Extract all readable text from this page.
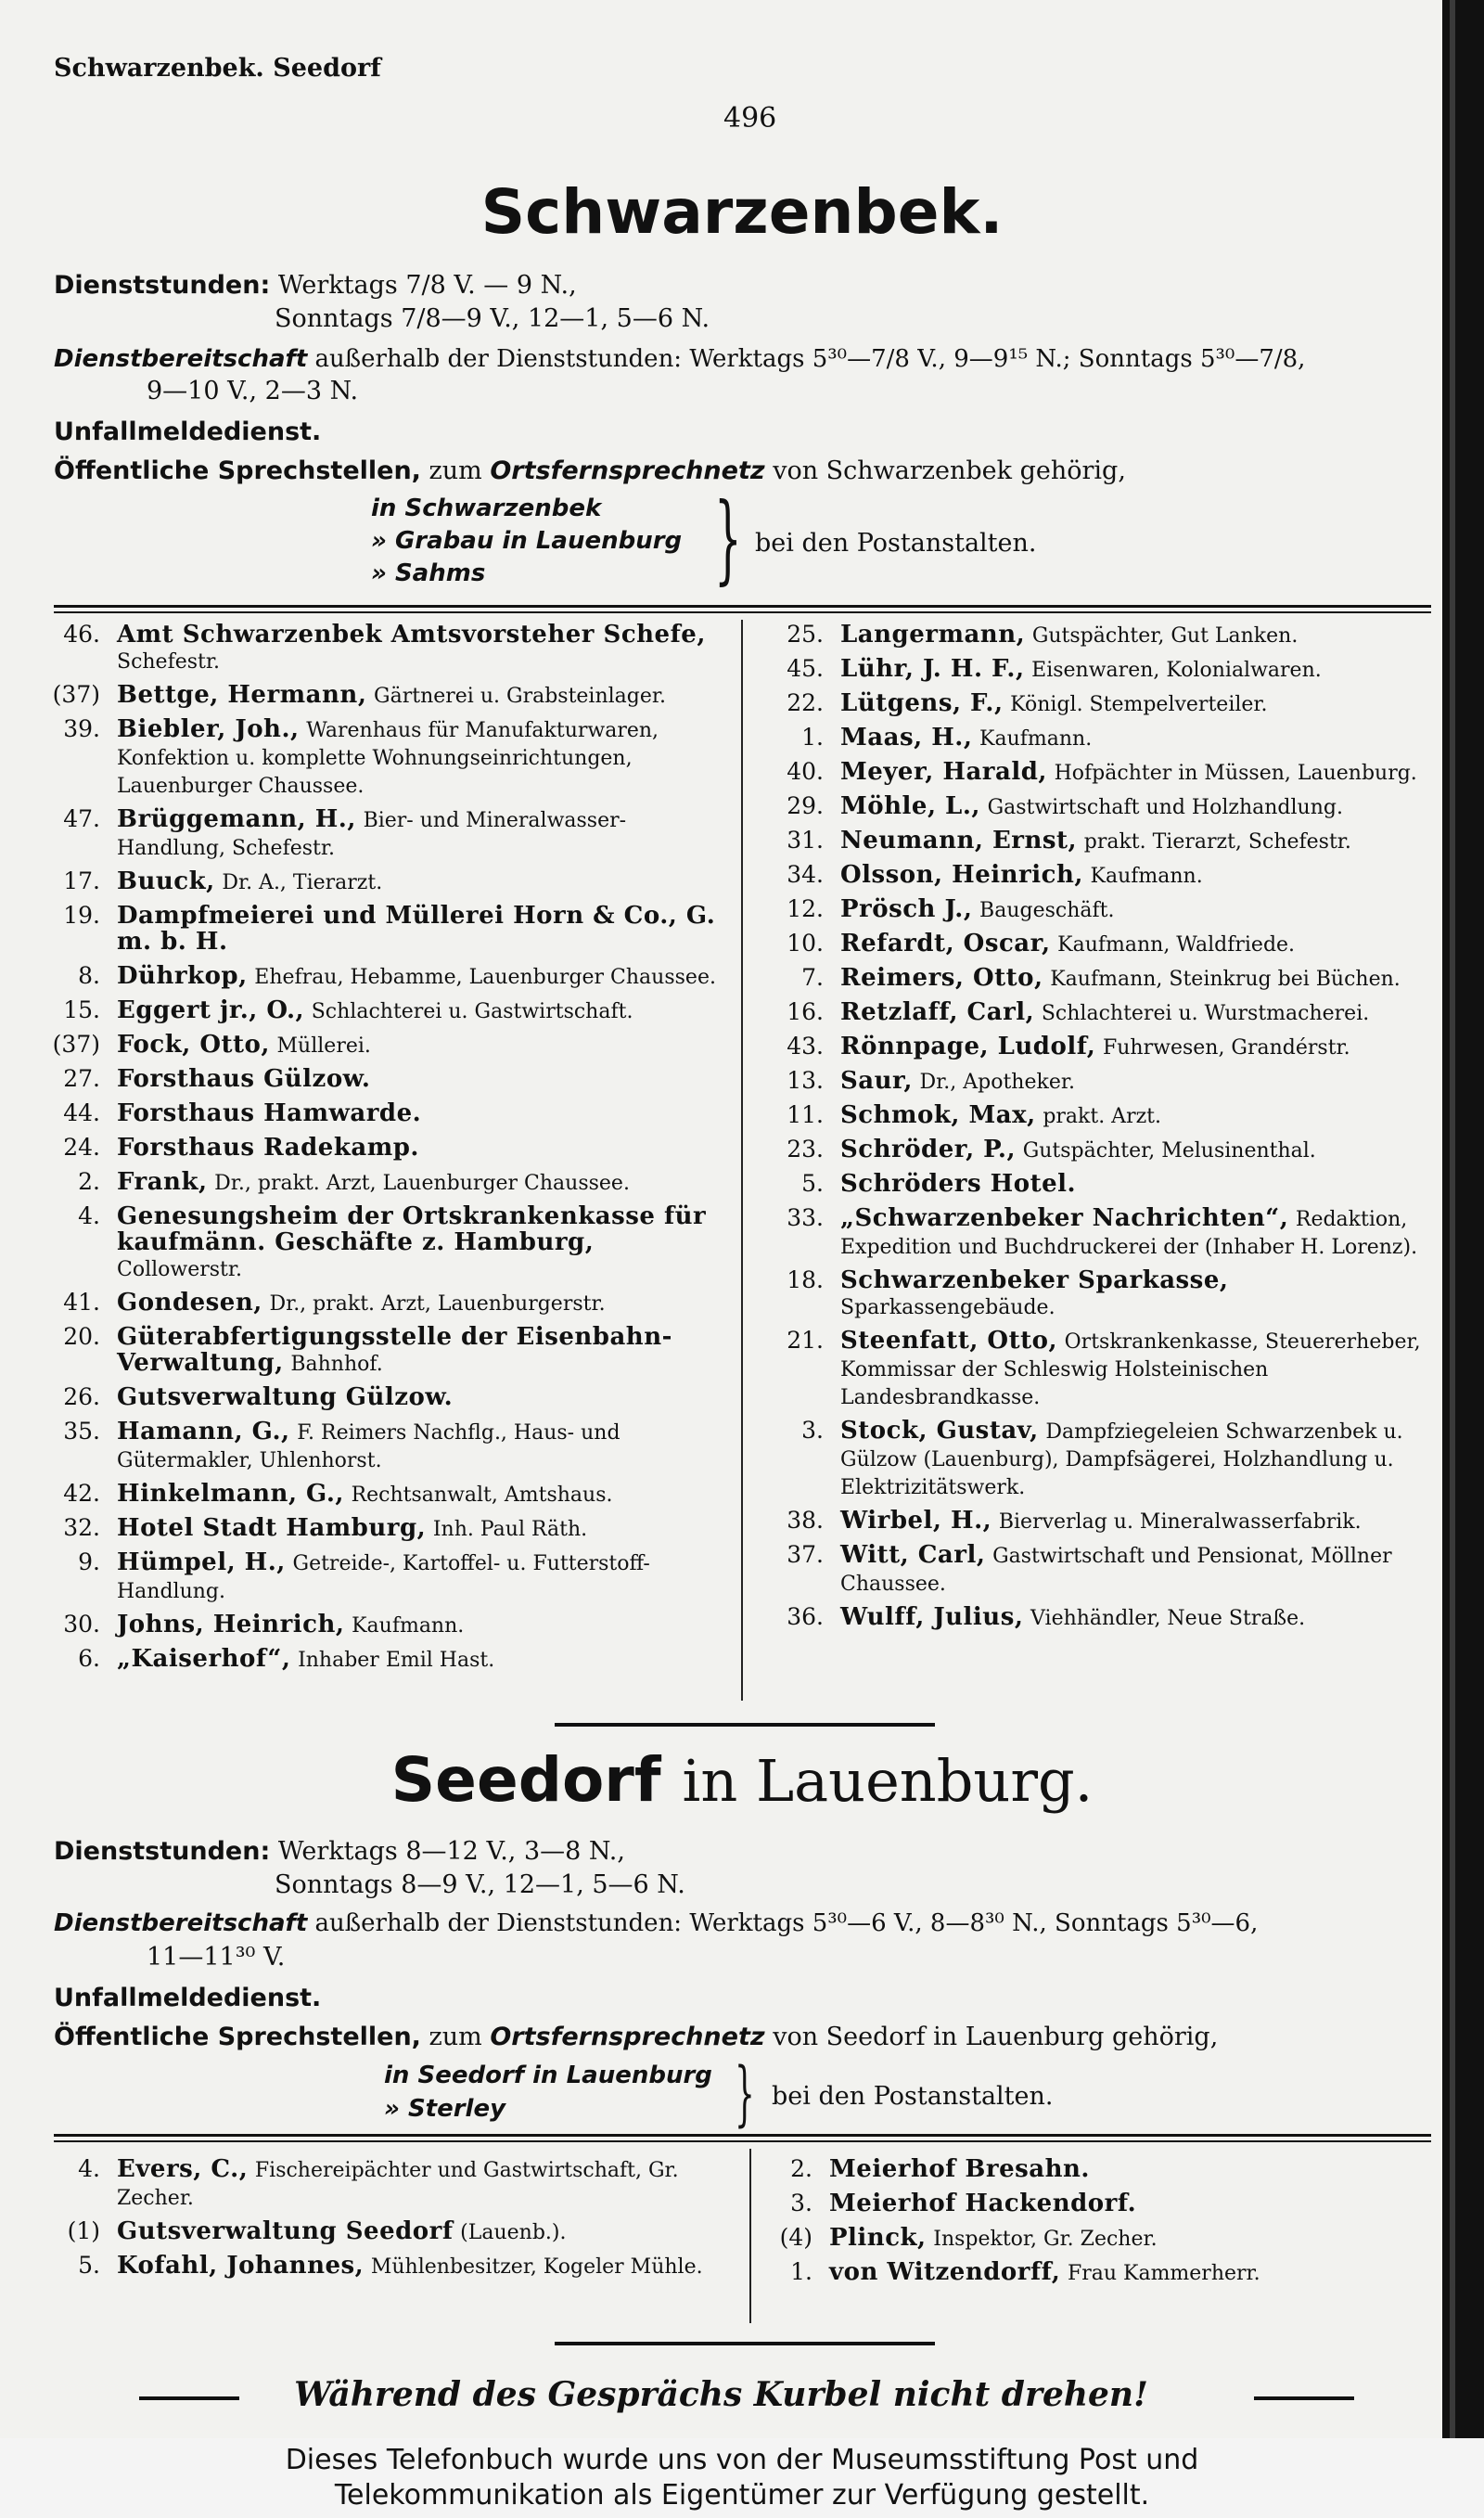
Schwarzenbek. Seedorf
496
Schwarzenbek.
Dienststunden: Werktags 7/8 V. — 9 N.,
Sonntags 7/8—9 V., 12—1, 5—6 N.
Dienstbereitschaft außerhalb der Dienststunden: Werktags 5³⁰—7/8 V., 9—9¹⁵ N.; Sonntags 5³⁰—7/8,
9—10 V., 2—3 N.
Unfallmeldedienst.
Öffentliche Sprechstellen, zum Ortsfernsprechnetz von Schwarzenbek gehörig,
in Schwarzenbek
» Grabau in Lauenburg
» Sahms } bei den Postanstalten.
46. Amt Schwarzenbek Amtsvorsteher Schefe, Schefestr.
(37) Bettge, Hermann, Gärtnerei u. Grabsteinlager.
39. Biebler, Joh., Warenhaus für Manufakturwaren, Konfektion u. komplette Wohnungseinrichtungen, Lauenburger Chaussee.
47. Brüggemann, H., Bier- und Mineralwasser-Handlung, Schefestr.
17. Buuck, Dr. A., Tierarzt.
19. Dampfmeierei und Müllerei Horn & Co., G. m. b. H.
8. Dührkop, Ehefrau, Hebamme, Lauenburger Chaussee.
15. Eggert jr., O., Schlachterei u. Gastwirtschaft.
(37) Fock, Otto, Müllerei.
27. Forsthaus Gülzow.
44. Forsthaus Hamwarde.
24. Forsthaus Radekamp.
2. Frank, Dr., prakt. Arzt, Lauenburger Chaussee.
4. Genesungsheim der Ortskrankenkasse für kaufmänn. Geschäfte z. Hamburg, Collowerstr.
41. Gondesen, Dr., prakt. Arzt, Lauenburgerstr.
20. Güterabfertigungsstelle der Eisenbahn-Verwaltung, Bahnhof.
26. Gutsverwaltung Gülzow.
35. Hamann, G., F. Reimers Nachflg., Haus- und Gütermakler, Uhlenhorst.
42. Hinkelmann, G., Rechtsanwalt, Amtshaus.
32. Hotel Stadt Hamburg, Inh. Paul Räth.
9. Hümpel, H., Getreide-, Kartoffel- u. Futterstoff-Handlung.
30. Johns, Heinrich, Kaufmann.
6. „Kaiserhof“, Inhaber Emil Hast.
25. Langermann, Gutspächter, Gut Lanken.
45. Lühr, J. H. F., Eisenwaren, Kolonialwaren.
22. Lütgens, F., Königl. Stempelverteiler.
1. Maas, H., Kaufmann.
40. Meyer, Harald, Hofpächter in Müssen, Lauenburg.
29. Möhle, L., Gastwirtschaft und Holzhandlung.
31. Neumann, Ernst, prakt. Tierarzt, Schefestr.
34. Olsson, Heinrich, Kaufmann.
12. Prösch J., Baugeschäft.
10. Refardt, Oscar, Kaufmann, Waldfriede.
7. Reimers, Otto, Kaufmann, Steinkrug bei Büchen.
16. Retzlaff, Carl, Schlachterei u. Wurstmacherei.
43. Rönnpage, Ludolf, Fuhrwesen, Grandérstr.
13. Saur, Dr., Apotheker.
11. Schmok, Max, prakt. Arzt.
23. Schröder, P., Gutspächter, Melusinenthal.
5. Schröders Hotel.
33. „Schwarzenbeker Nachrichten“, Redaktion, Expedition und Buchdruckerei der (Inhaber H. Lorenz).
18. Schwarzenbeker Sparkasse, Sparkassengebäude.
21. Steenfatt, Otto, Ortskrankenkasse, Steuererheber, Kommissar der Schleswig Holsteinischen Landesbrandkasse.
3. Stock, Gustav, Dampfziegeleien Schwarzenbek u. Gülzow (Lauenburg), Dampfsägerei, Holzhandlung u. Elektrizitätswerk.
38. Wirbel, H., Bierverlag u. Mineralwasserfabrik.
37. Witt, Carl, Gastwirtschaft und Pensionat, Möllner Chaussee.
36. Wulff, Julius, Viehhändler, Neue Straße.
Seedorf in Lauenburg.
Dienststunden: Werktags 8—12 V., 3—8 N.,
Sonntags 8—9 V., 12—1, 5—6 N.
Dienstbereitschaft außerhalb der Dienststunden: Werktags 5³⁰—6 V., 8—8³⁰ N., Sonntags 5³⁰—6,
11—11³⁰ V.
Unfallmeldedienst.
Öffentliche Sprechstellen, zum Ortsfernsprechnetz von Seedorf in Lauenburg gehörig,
in Seedorf in Lauenburg
» Sterley	} bei den Postanstalten.
4. Evers, C., Fischereipächter und Gastwirtschaft, Gr. Zecher.
(1) Gutsverwaltung Seedorf (Lauenb.).
5. Kofahl, Johannes, Mühlenbesitzer, Kogeler Mühle.
2. Meierhof Bresahn.
3. Meierhof Hackendorf.
(4) Plinck, Inspektor, Gr. Zecher.
1. von Witzendorff, Frau Kammerherr.
Während des Gesprächs Kurbel nicht drehen!
Dieses Telefonbuch wurde uns von der Museumsstiftung Post und
Telekommunikation als Eigentümer zur Verfügung gestellt.
